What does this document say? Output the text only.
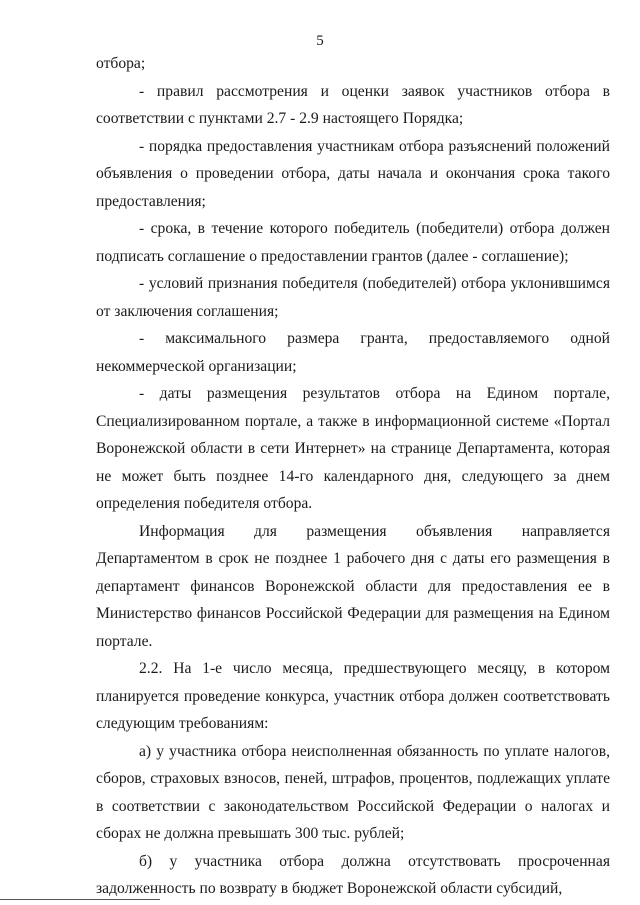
5

отбора;

- правил рассмотрения и оценки заявок участников отбора в соответствии с пунктами 2.7 - 2.9 настоящего Порядка;

- порядка предоставления участникам отбора разъяснений положений объявления о проведении отбора, даты начала и окончания срока такого предоставления;

- срока, в течение которого победитель (победители) отбора должен подписать соглашение о предоставлении грантов (далее - соглашение);

- условий признания победителя (победителей) отбора уклонившимся от заключения соглашения;

- максимального размера гранта, предоставляемого одной некоммерческой организации;

- даты размещения результатов отбора на Едином портале, Специализированном портале, а также в информационной системе «Портал Воронежской области в сети Интернет» на странице Департамента, которая не может быть позднее 14-го календарного дня, следующего за днем определения победителя отбора.

Информация для размещения объявления направляется Департаментом в срок не позднее 1 рабочего дня с даты его размещения в департамент финансов Воронежской области для предоставления ее в Министерство финансов Российской Федерации для размещения на Едином портале.

2.2. На 1-е число месяца, предшествующего месяцу, в котором планируется проведение конкурса, участник отбора должен соответствовать следующим требованиям:

а) у участника отбора неисполненная обязанность по уплате налогов, сборов, страховых взносов, пеней, штрафов, процентов, подлежащих уплате в соответствии с законодательством Российской Федерации о налогах и сборах не должна превышать 300 тыс. рублей;

б) у участника отбора должна отсутствовать просроченная задолженность по возврату в бюджет Воронежской области субсидий,
